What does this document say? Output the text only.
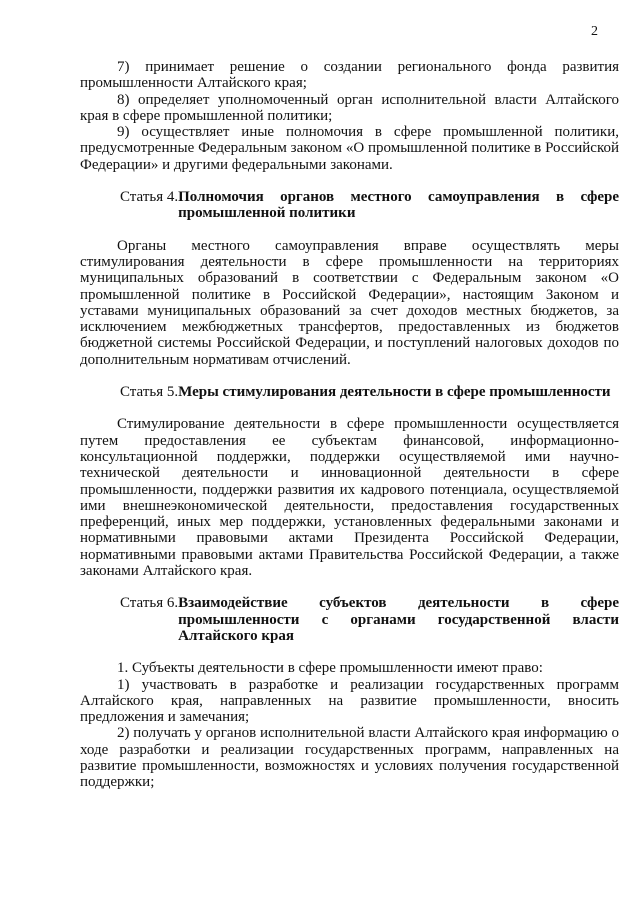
2

7) принимает решение о создании регионального фонда развития промышленности Алтайского края;

8) определяет уполномоченный орган исполнительной власти Алтайского края в сфере промышленной политики;

9) осуществляет иные полномочия в сфере промышленной политики, предусмотренные Федеральным законом «О промышленной политике в Российской Федерации» и другими федеральными законами.

Статья 4. Полномочия органов местного самоуправления в сфере промышленной политики

Органы местного самоуправления вправе осуществлять меры стимулирования деятельности в сфере промышленности на территориях муниципальных образований в соответствии с Федеральным законом «О промышленной политике в Российской Федерации», настоящим Законом и уставами муниципальных образований за счет доходов местных бюджетов, за исключением межбюджетных трансфертов, предоставленных из бюджетов бюджетной системы Российской Федерации, и поступлений налоговых доходов по дополнительным нормативам отчислений.

Статья 5. Меры стимулирования деятельности в сфере промышленности

Стимулирование деятельности в сфере промышленности осуществляется путем предоставления ее субъектам финансовой, информационно-консультационной поддержки, поддержки осуществляемой ими научно-технической деятельности и инновационной деятельности в сфере промышленности, поддержки развития их кадрового потенциала, осуществляемой ими внешнеэкономической деятельности, предоставления государственных преференций, иных мер поддержки, установленных федеральными законами и нормативными правовыми актами Президента Российской Федерации, нормативными правовыми актами Правительства Российской Федерации, а также законами Алтайского края.

Статья 6. Взаимодействие субъектов деятельности в сфере промышленности с органами государственной власти Алтайского края

1. Субъекты деятельности в сфере промышленности имеют право:

1) участвовать в разработке и реализации государственных программ Алтайского края, направленных на развитие промышленности, вносить предложения и замечания;

2) получать у органов исполнительной власти Алтайского края информацию о ходе разработки и реализации государственных программ, направленных на развитие промышленности, возможностях и условиях получения государственной поддержки;
